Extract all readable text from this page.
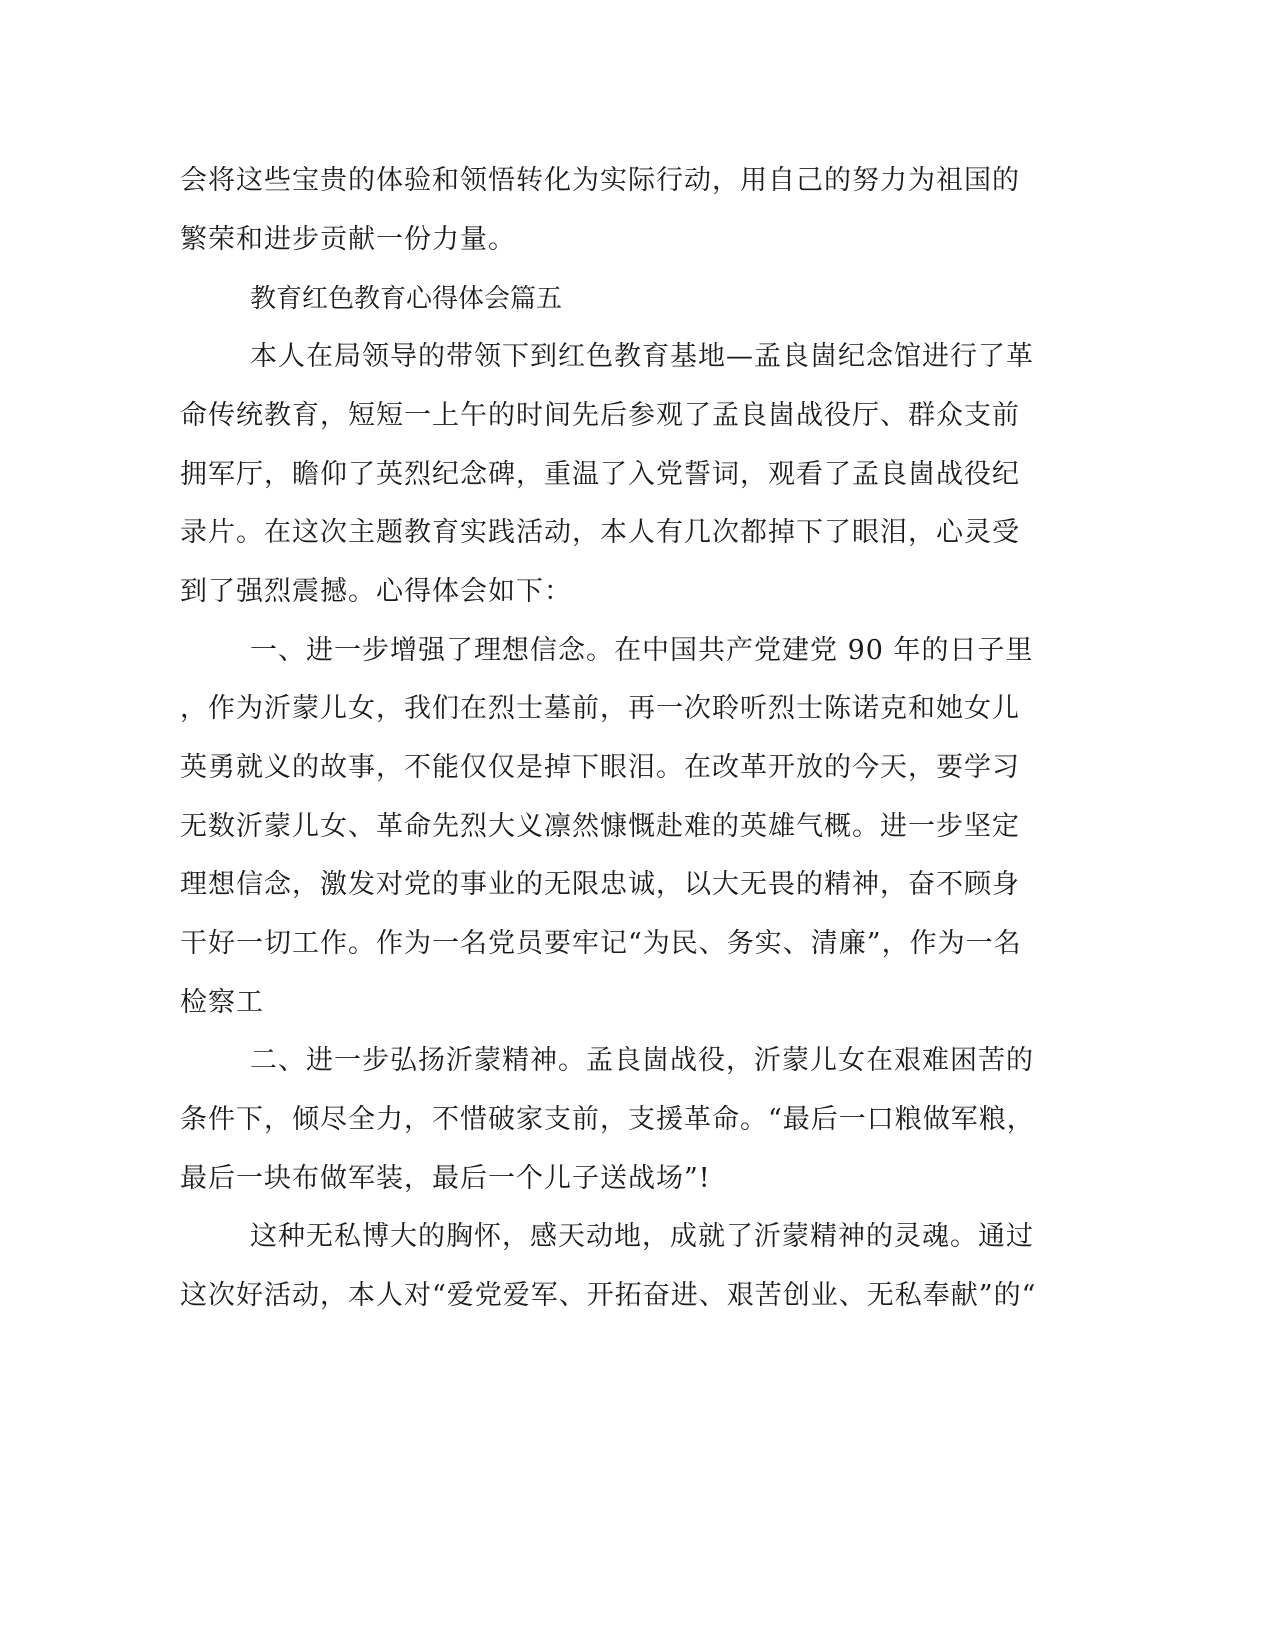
会将这些宝贵的体验和领悟转化为实际行动，用自己的努力为祖国的
繁荣和进步贡献一份力量。
教育红色教育心得体会篇五
本人在局领导的带领下到红色教育基地—孟良崮纪念馆进行了革
命传统教育，短短一上午的时间先后参观了孟良崮战役厅、群众支前
拥军厅，瞻仰了英烈纪念碑，重温了入党誓词，观看了孟良崮战役纪
录片。在这次主题教育实践活动，本人有几次都掉下了眼泪，心灵受
到了强烈震撼。心得体会如下：
一、进一步增强了理想信念。在中国共产党建党 90 年的日子里
，作为沂蒙儿女，我们在烈士墓前，再一次聆听烈士陈诺克和她女儿
英勇就义的故事，不能仅仅是掉下眼泪。在改革开放的今天，要学习
无数沂蒙儿女、革命先烈大义凛然慷慨赴难的英雄气概。进一步坚定
理想信念，激发对党的事业的无限忠诚，以大无畏的精神，奋不顾身
干好一切工作。作为一名党员要牢记“为民、务实、清廉”，作为一名
检察工
二、进一步弘扬沂蒙精神。孟良崮战役，沂蒙儿女在艰难困苦的
条件下，倾尽全力，不惜破家支前，支援革命。“最后一口粮做军粮，
最后一块布做军装，最后一个儿子送战场”!
这种无私博大的胸怀，感天动地，成就了沂蒙精神的灵魂。通过
这次好活动，本人对“爱党爱军、开拓奋进、艰苦创业、无私奉献”的“
